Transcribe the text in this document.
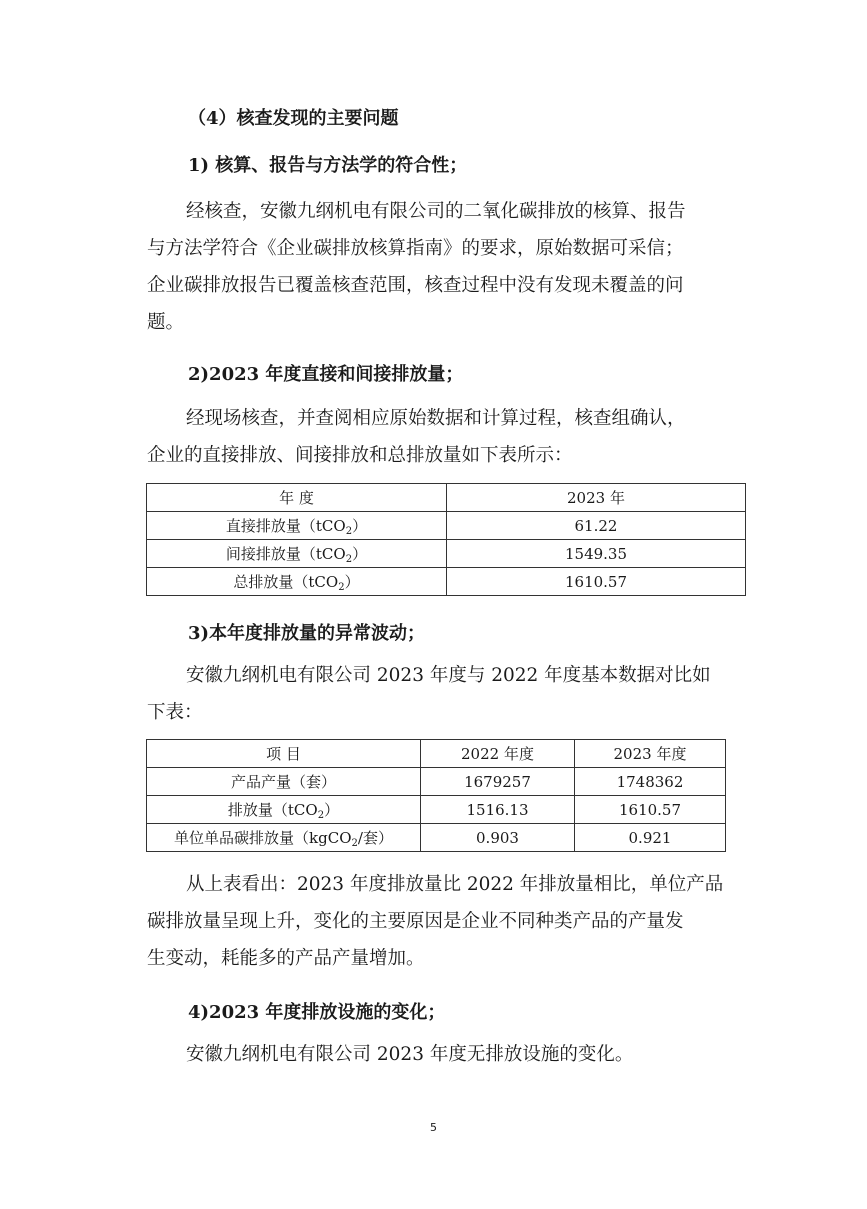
（4）核查发现的主要问题
1) 核算、报告与方法学的符合性；
经核查，安徽九纲机电有限公司的二氧化碳排放的核算、报告
与方法学符合《企业碳排放核算指南》的要求，原始数据可采信；
企业碳排放报告已覆盖核查范围，核查过程中没有发现未覆盖的问
题。
2)2023 年度直接和间接排放量；
经现场核查，并查阅相应原始数据和计算过程，核查组确认，
企业的直接排放、间接排放和总排放量如下表所示：
年 度	2023 年
直接排放量（tCO$_2$）	61.22
间接排放量（tCO$_2$）	1549.35
总排放量（tCO$_2$）	1610.57
3)本年度排放量的异常波动；
安徽九纲机电有限公司 2023 年度与 2022 年度基本数据对比如
下表：
项 目	2022 年度	2023 年度
产品产量（套）	1679257	1748362
排放量（tCO$_2$）	1516.13	1610.57
单位单品碳排放量（kgCO$_2$/套）	0.903	0.921
从上表看出：2023 年度排放量比 2022 年排放量相比，单位产品
碳排放量呈现上升，变化的主要原因是企业不同种类产品的产量发
生变动，耗能多的产品产量增加。
4)2023 年度排放设施的变化；
安徽九纲机电有限公司 2023 年度无排放设施的变化。
5
